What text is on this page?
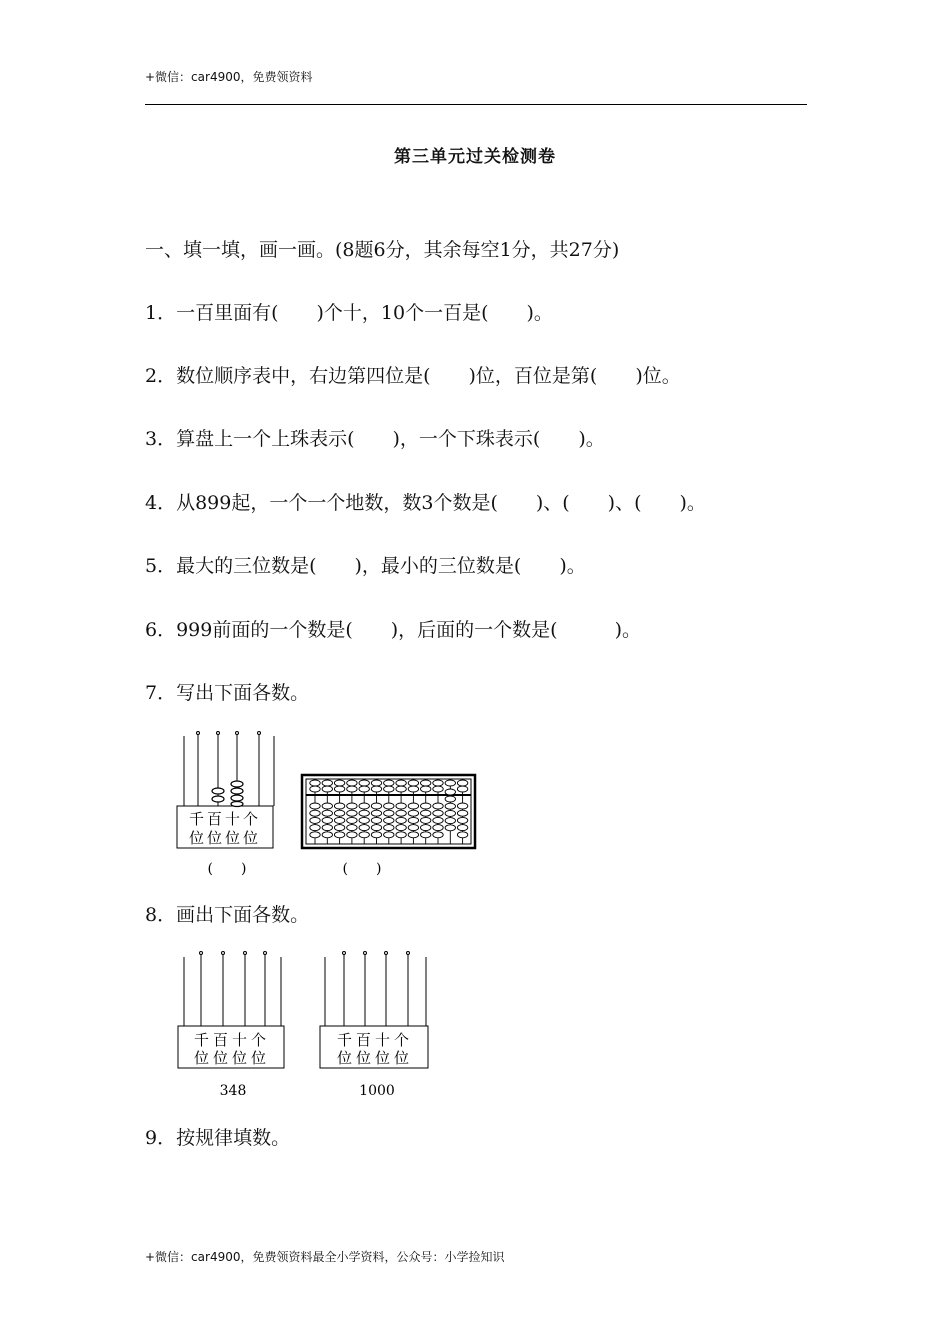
+微信：car4900，免费领资料
第三单元过关检测卷
一、填一填，画一画。(8题6分，其余每空1分，共27分)
1．一百里面有(　　)个十，10个一百是(　　)。
2．数位顺序表中，右边第四位是(　　)位，百位是第(　　)位。
3．算盘上一个上珠表示(　　)，一个下珠表示(　　)。
4．从899起，一个一个地数，数3个数是(　　)、(　　)、(　　)。
5．最大的三位数是(　　)，最小的三位数是(　　)。
6．999前面的一个数是(　　)，后面的一个数是(　　　)。
7．写出下面各数。
千百十个
位位位位
(　　)	(　　)
8．画出下面各数。
千百十个
位位位位
348
千百十个
位位位位
1000
9．按规律填数。
+微信：car4900，免费领资料最全小学资料，公众号：小学捡知识
